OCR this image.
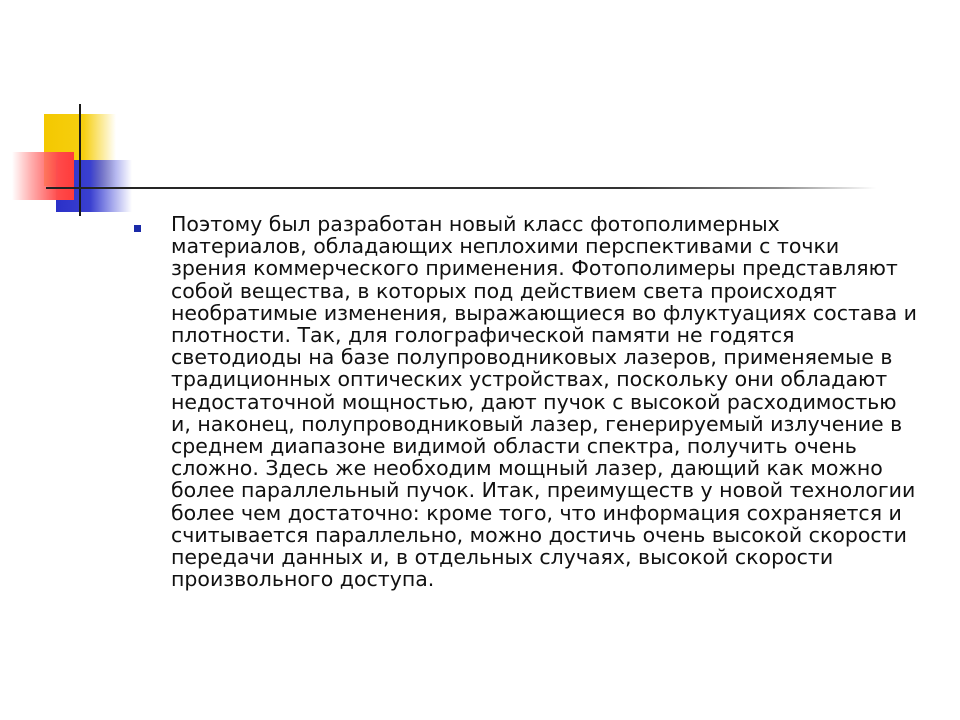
Поэтому был разработан новый класс фотополимерных
материалов, обладающих неплохими перспективами с точки
зрения коммерческого применения. Фотополимеры представляют
собой вещества, в которых под действием света происходят
необратимые изменения, выражающиеся во флуктуациях состава и
плотности. Так, для голографической памяти не годятся
светодиоды на базе полупроводниковых лазеров, применяемые в
традиционных оптических устройствах, поскольку они обладают
недостаточной мощностью, дают пучок с высокой расходимостью
и, наконец, полупроводниковый лазер, генерируемый излучение в
среднем диапазоне видимой области спектра, получить очень
сложно. Здесь же необходим мощный лазер, дающий как можно
более параллельный пучок. Итак, преимуществ у новой технологии
более чем достаточно: кроме того, что информация сохраняется и
считывается параллельно, можно достичь очень высокой скорости
передачи данных и, в отдельных случаях, высокой скорости
произвольного доступа.
